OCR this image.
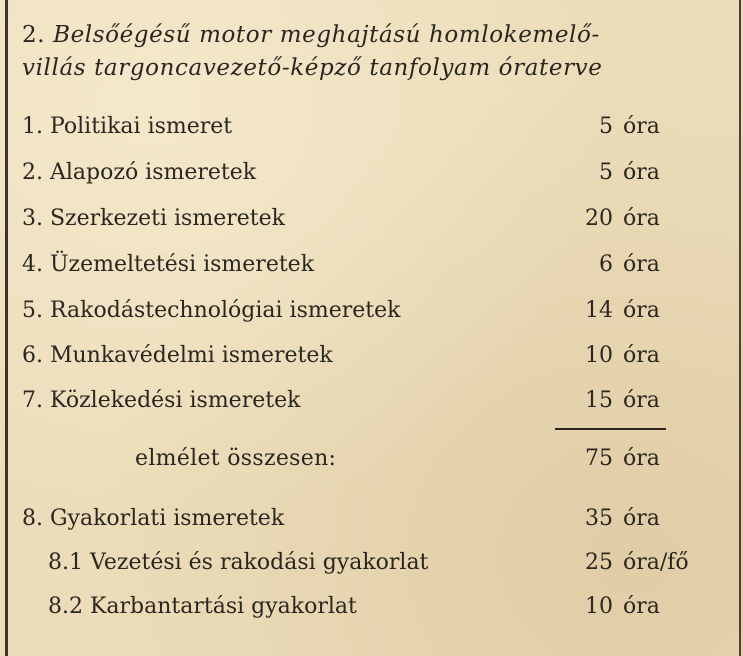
2. Belsőégésű motor meghajtású homlokemelő-
villás targoncavezető-képző tanfolyam óraterve
1. Politikai ismeret	5 óra
2. Alapozó ismeretek	5 óra
3. Szerkezeti ismeretek	20 óra
4. Üzemeltetési ismeretek	6 óra
5. Rakodástechnológiai ismeretek	14 óra
6. Munkavédelmi ismeretek	10 óra
7. Közlekedési ismeretek	15 óra
elmélet összesen:	75 óra
8. Gyakorlati ismeretek	35 óra
8.1 Vezetési és rakodási gyakorlat	25 óra/fő
8.2 Karbantartási gyakorlat	10 óra
